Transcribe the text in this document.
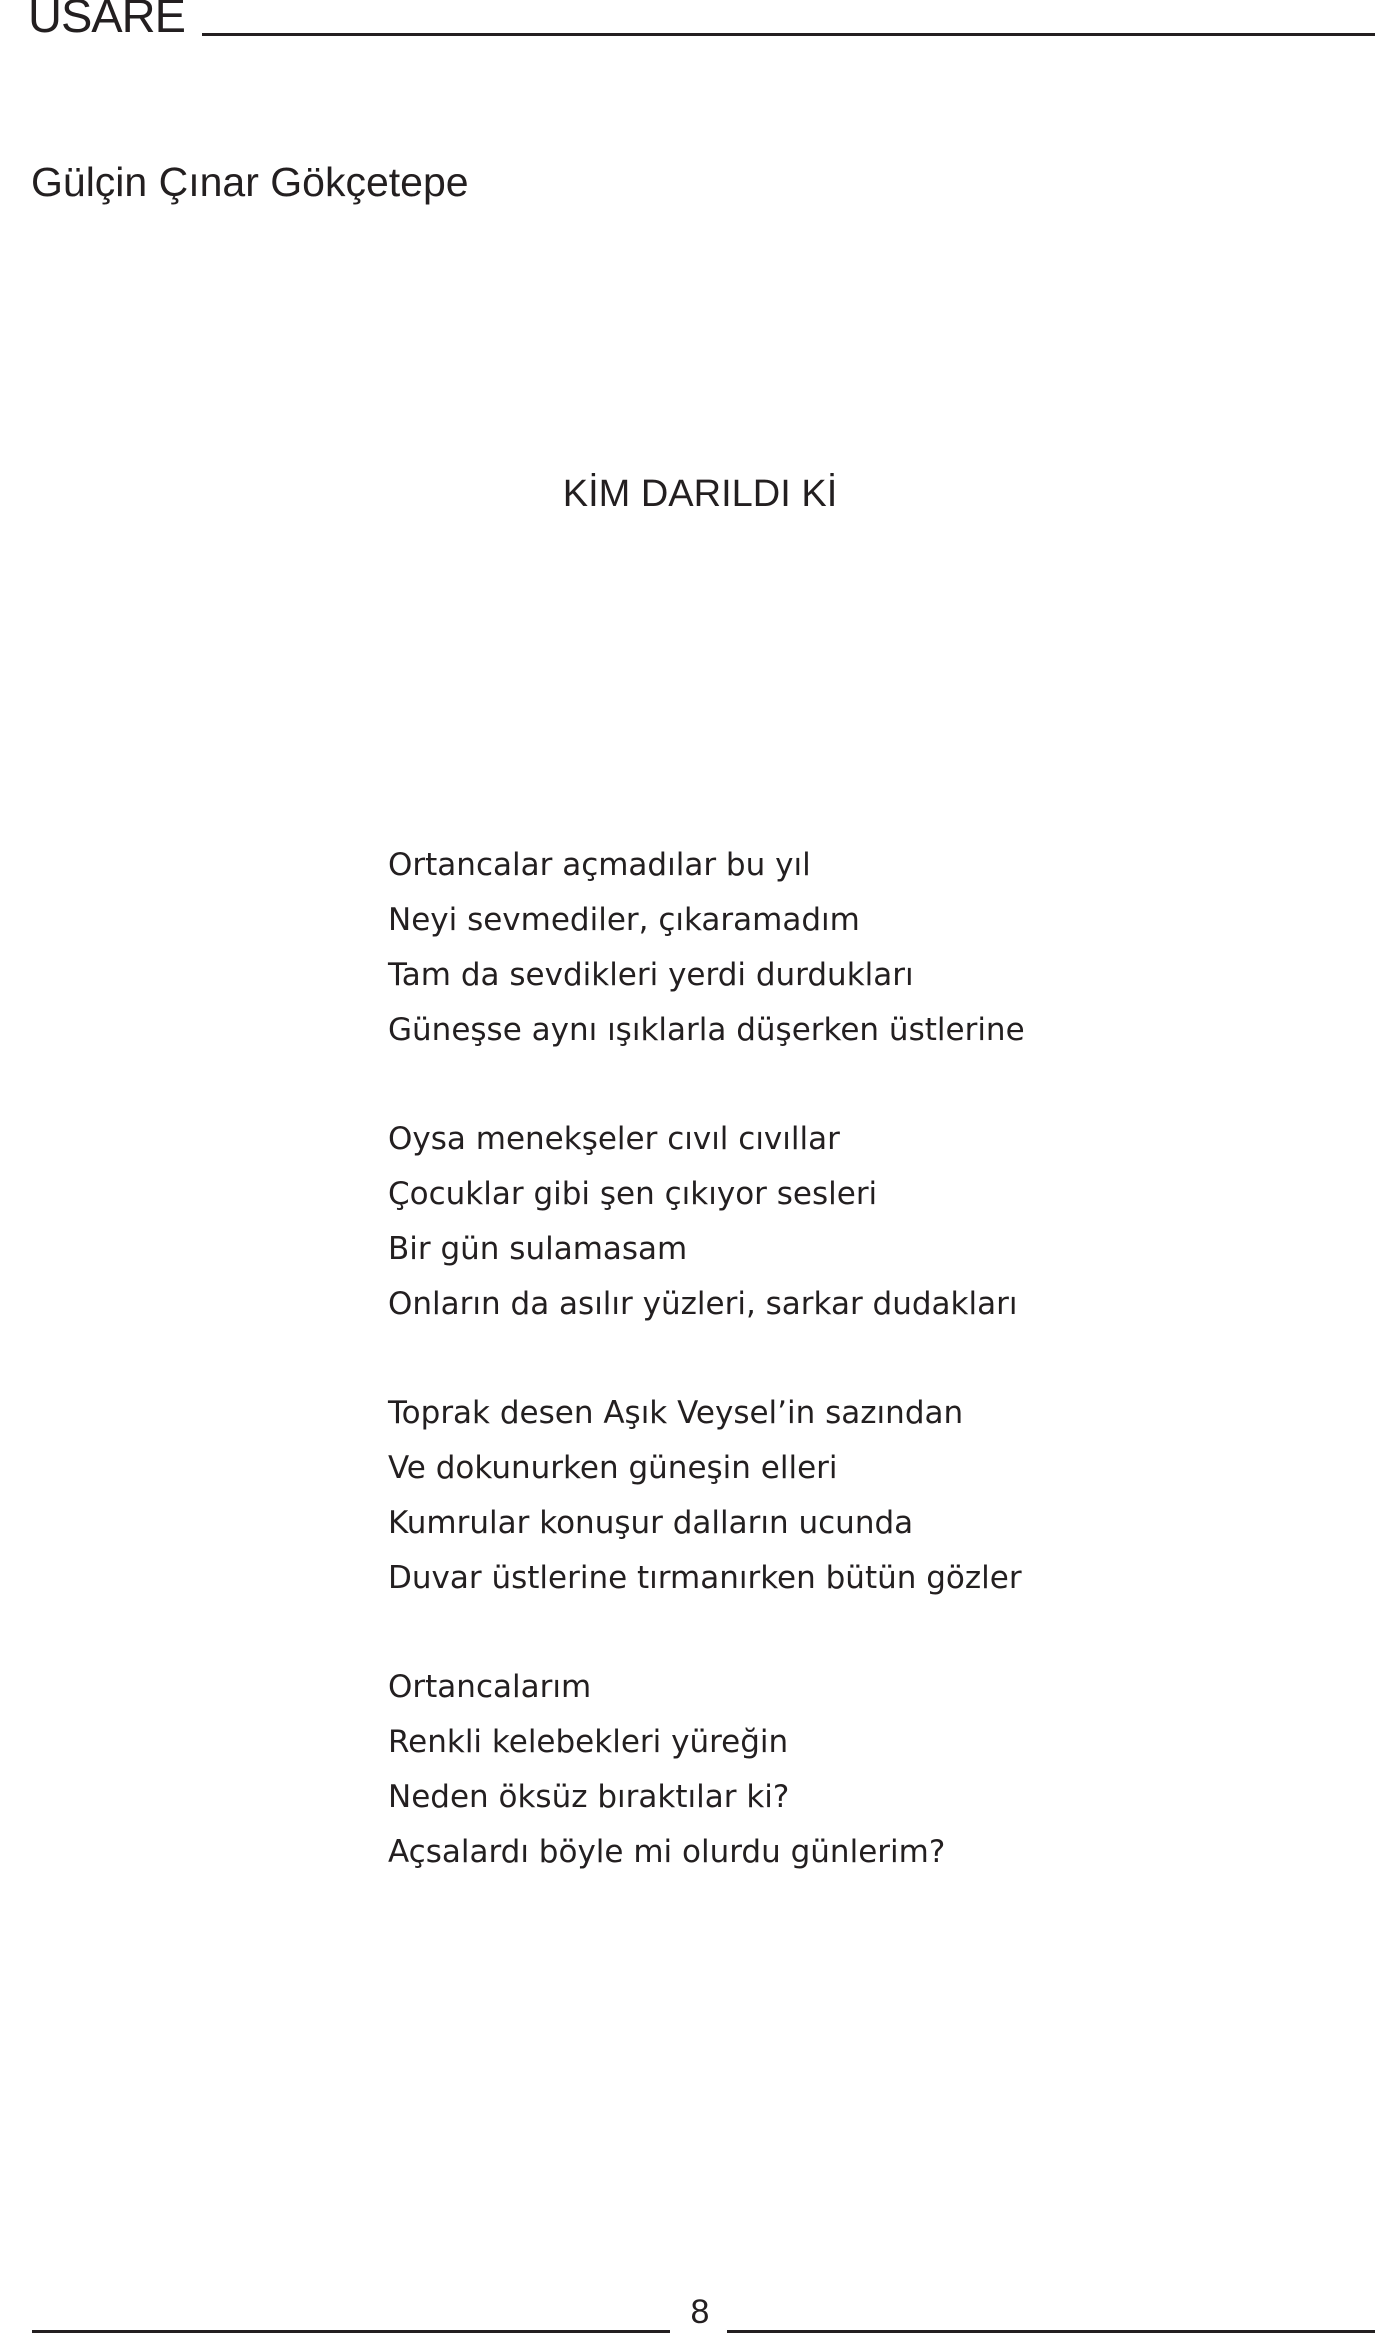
USARE
Gülçin Çınar Gökçetepe
KİM DARILDI Kİ
Ortancalar açmadılar bu yıl
Neyi sevmediler, çıkaramadım
Tam da sevdikleri yerdi durdukları
Güneşse aynı ışıklarla düşerken üstlerine
Oysa menekşeler cıvıl cıvıllar
Çocuklar gibi şen çıkıyor sesleri
Bir gün sulamasam
Onların da asılır yüzleri, sarkar dudakları
Toprak desen Aşık Veysel’in sazından
Ve dokunurken güneşin elleri
Kumrular konuşur dalların ucunda
Duvar üstlerine tırmanırken bütün gözler
Ortancalarım
Renkli kelebekleri yüreğin
Neden öksüz bıraktılar ki?
Açsalardı böyle mi olurdu günlerim?
8
